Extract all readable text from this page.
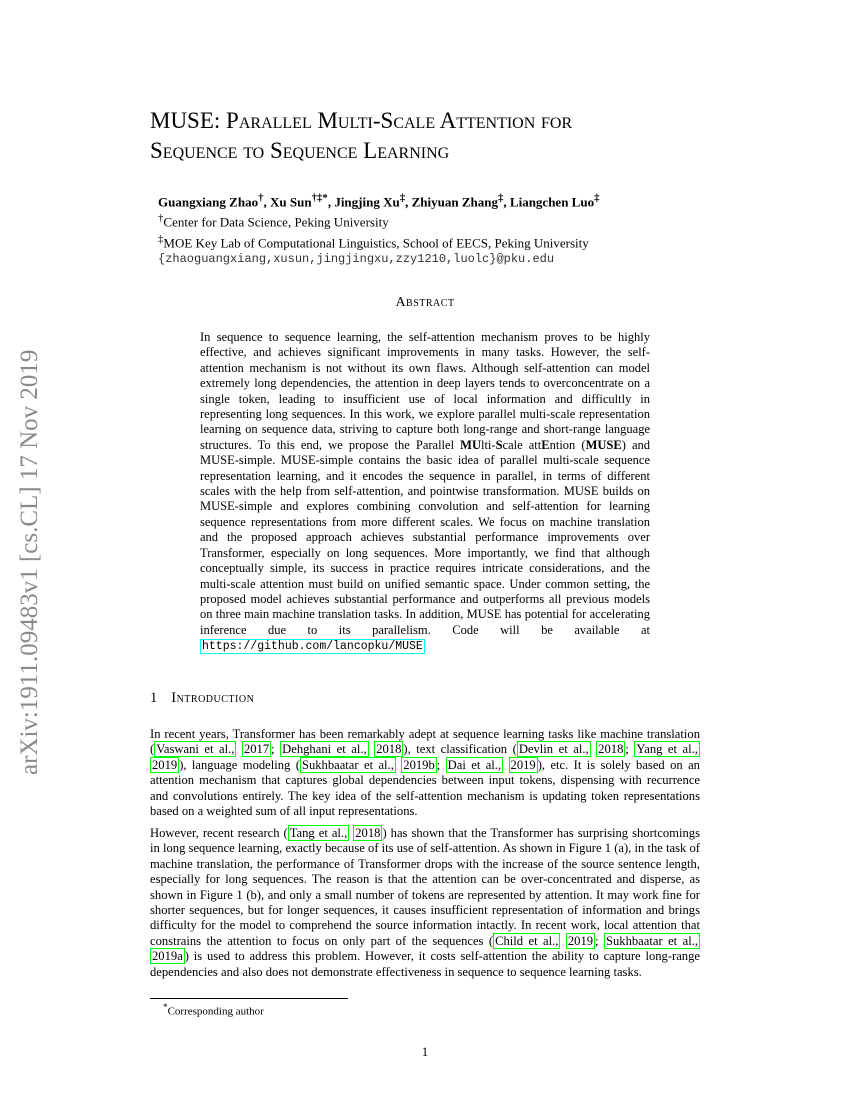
arXiv:1911.09483v1 [cs.CL] 17 Nov 2019
MUSE: Parallel Multi-Scale Attention for
Sequence to Sequence Learning
Guangxiang Zhao†, Xu Sun†‡*, Jingjing Xu‡, Zhiyuan Zhang‡, Liangchen Luo‡
†Center for Data Science, Peking University
‡MOE Key Lab of Computational Linguistics, School of EECS, Peking University
{zhaoguangxiang,xusun,jingjingxu,zzy1210,luolc}@pku.edu
Abstract
In sequence to sequence learning, the self-attention mechanism proves to be highly effective, and achieves significant improvements in many tasks. However, the self-attention mechanism is not without its own flaws. Although self-attention can model extremely long dependencies, the attention in deep layers tends to overconcentrate on a single token, leading to insufficient use of local information and difficultly in representing long sequences. In this work, we explore parallel multi-scale representation learning on sequence data, striving to capture both long-range and short-range language structures. To this end, we propose the Parallel MUlti-Scale attEntion (MUSE) and MUSE-simple. MUSE-simple contains the basic idea of parallel multi-scale sequence representation learning, and it encodes the sequence in parallel, in terms of different scales with the help from self-attention, and pointwise transformation. MUSE builds on MUSE-simple and explores combining convolution and self-attention for learning sequence representations from more different scales. We focus on machine translation and the proposed approach achieves substantial performance improvements over Transformer, especially on long sequences. More importantly, we find that although conceptually simple, its success in practice requires intricate considerations, and the multi-scale attention must build on unified semantic space. Under common setting, the proposed model achieves substantial performance and outperforms all previous models on three main machine translation tasks. In addition, MUSE has potential for accelerating inference due to its parallelism. Code will be available at https://github.com/lancopku/MUSE
1 Introduction

In recent years, Transformer has been remarkably adept at sequence learning tasks like machine translation ( Vaswani et al., 2017 ; Dehghani et al., 2018 ), text classification ( Devlin et al., 2018 ; Yang et al., 2019 ), language modeling ( Sukhbaatar et al., 2019b ; Dai et al., 2019 ), etc. It is solely based on an attention mechanism that captures global dependencies between input tokens, dispensing with recurrence and convolutions entirely. The key idea of the self-attention mechanism is updating token representations based on a weighted sum of all input representations.

However, recent research ( Tang et al., 2018 ) has shown that the Transformer has surprising shortcomings in long sequence learning, exactly because of its use of self-attention. As shown in Figure 1 (a), in the task of machine translation, the performance of Transformer drops with the increase of the source sentence length, especially for long sequences. The reason is that the attention can be over-concentrated and disperse, as shown in Figure 1 (b), and only a small number of tokens are represented by attention. It may work fine for shorter sequences, but for longer sequences, it causes insufficient representation of information and brings difficulty for the model to comprehend the source information intactly. In recent work, local attention that constrains the attention to focus on only part of the sequences ( Child et al., 2019 ; Sukhbaatar et al., 2019a ) is used to address this problem. However, it costs self-attention the ability to capture long-range dependencies and also does not demonstrate effectiveness in sequence to sequence learning tasks.

*Corresponding author
1
